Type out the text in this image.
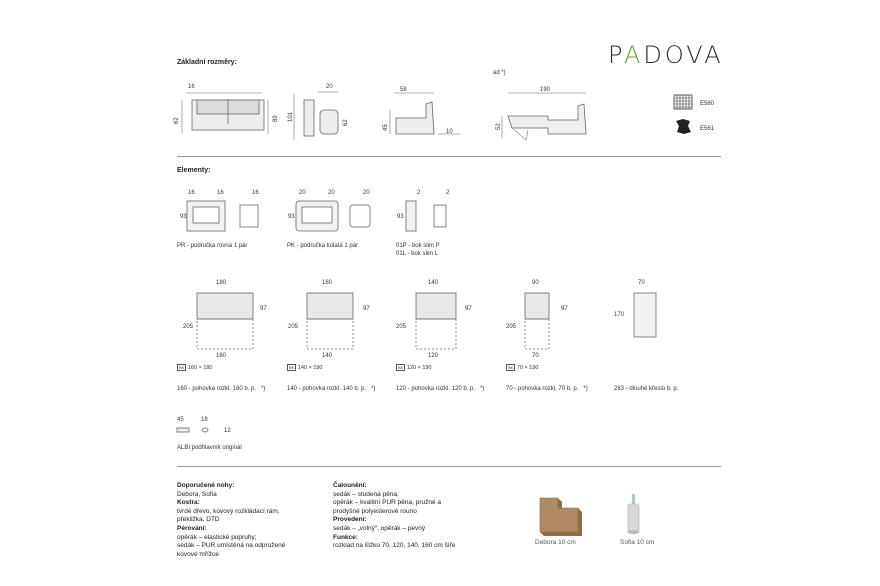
PADOVA
Základní rozměry:
16
62	89 101
20
62
58
45
10
ad *)
190
52
E560
E561
Elementy:
16	16	16
93
20	20	20
93
2	2
93
180
160
205
97
160
140
205
97
140
120
205
97
90
70
205
97
70
170
45	18
12
PR - područka rovná 1 pár	PK - područka kulatá 1 pár	01P - bok slim P
01L - bok slim L
BK 160 × 190	BK 140 × 190	BK 120 × 190	BK 70 × 190
160 - pohovka rozkl. 160 b. p. *)	140 - pohovka rozkl. 140 b. p. *)	120 - pohovka rozkl. 120 b. p. *)	70 - pohovka rozkl. 70 b. p. *)	283 - dlouhé křeslo b. p.
ALBI podhlavník originál
Doporučené nohy:
Debora, Sofia
Kostra:
tvrdé dřevo, kovový rozkládací rám,
překližka, DTD
Pérování:
opěrák – elastické popruhy;
sedák – PUR umístěná na odpružené
kovové mřížce
Čalounění:
sedák – studená pěna;
opěrák – kvalitní PUR pěna, pružné a
prodyšné polyesterové rouno
Provedení:
sedák – „volný“, opěrák – pevný
Funkce:
rozklad na lůžko 70, 120, 140, 160 cm šíře	Debora 10 cm	Sofia 10 cm
